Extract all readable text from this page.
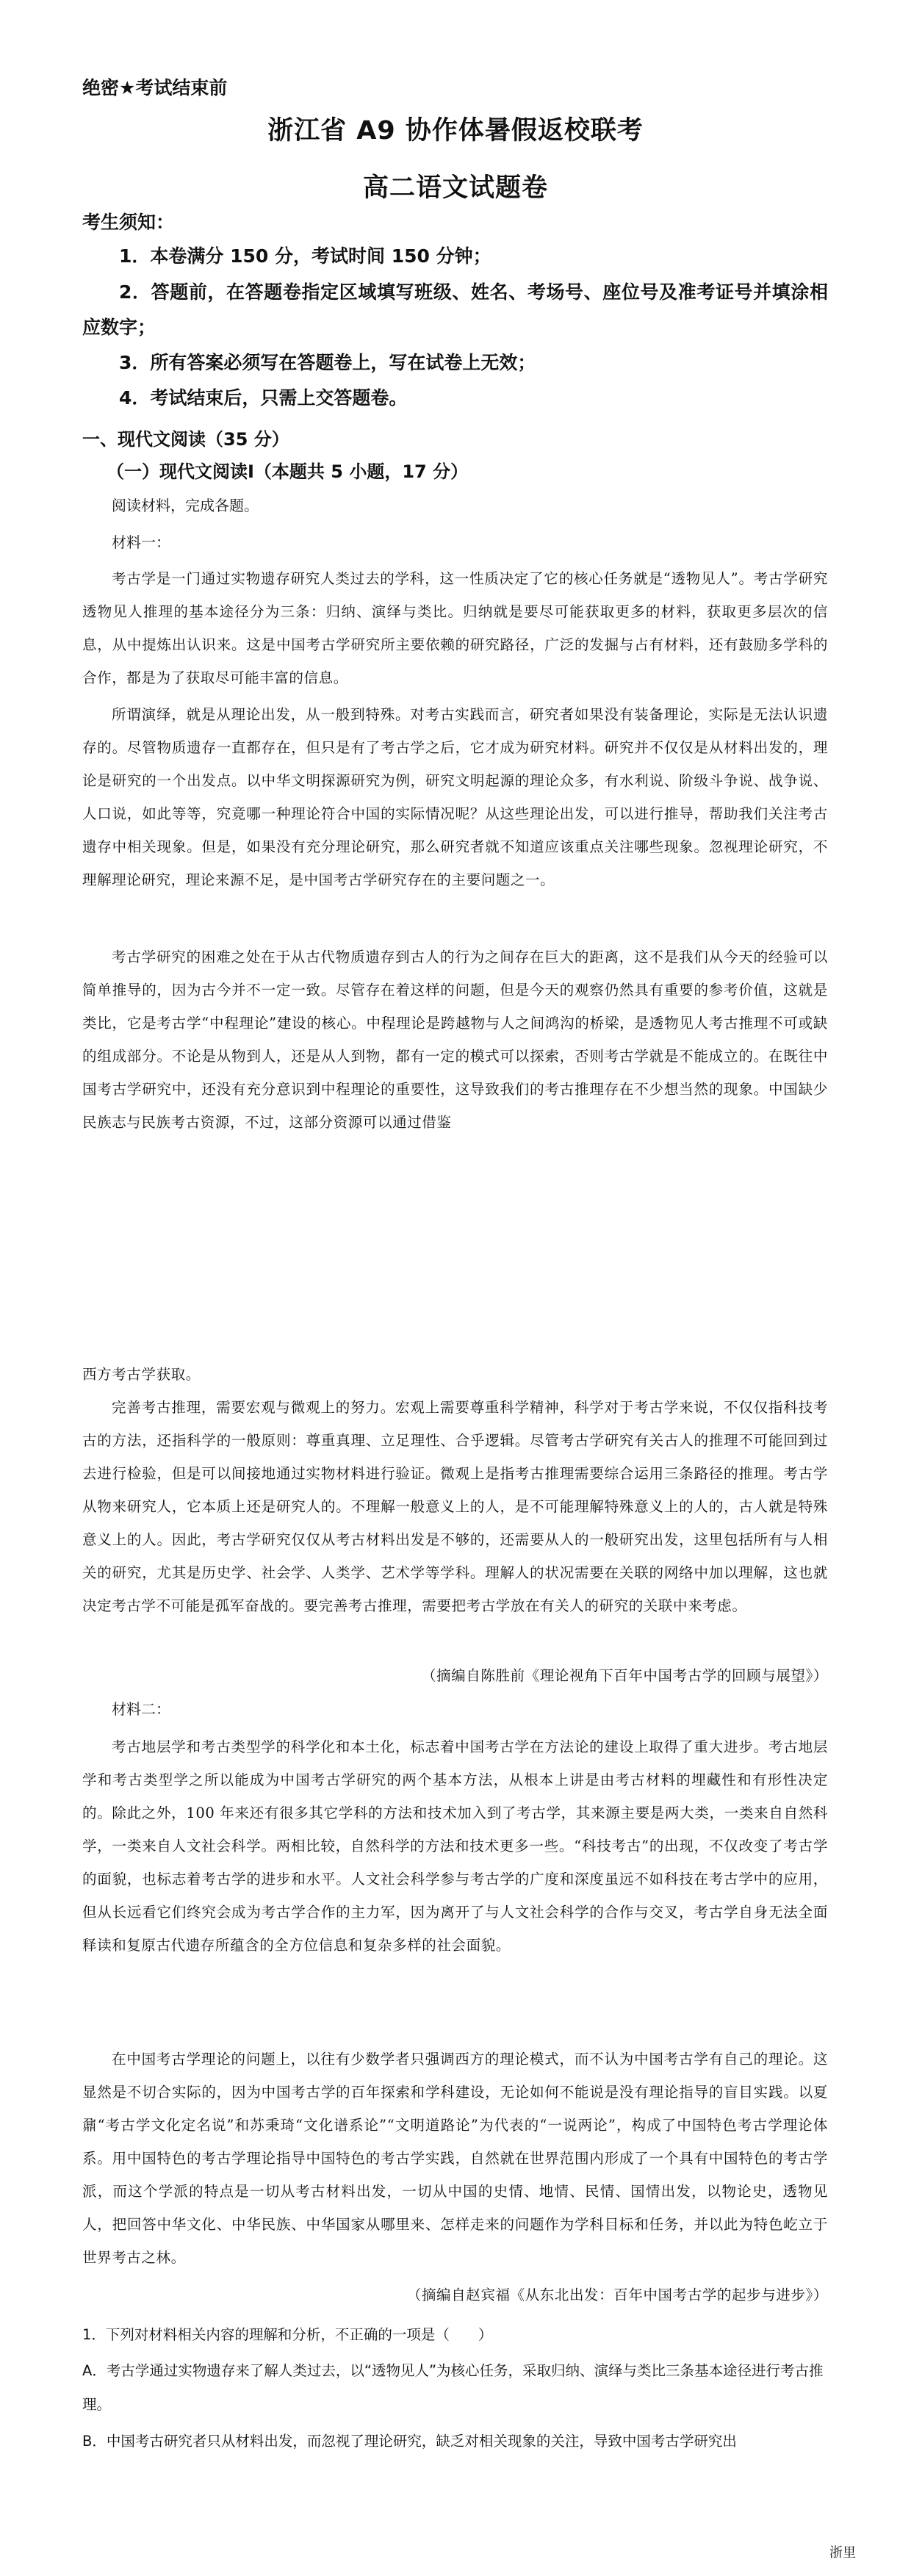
绝密★考试结束前
浙江省 A9 协作体暑假返校联考
高二语文试题卷
考生须知：
1．本卷满分 150 分，考试时间 150 分钟；
2．答题前，在答题卷指定区域填写班级、姓名、考场号、座位号及准考证号并填涂相应数字；
3．所有答案必须写在答题卷上，写在试卷上无效；
4．考试结束后，只需上交答题卷。
一、现代文阅读（35 分）
（一）现代文阅读Ⅰ（本题共 5 小题，17 分）
阅读材料，完成各题。
材料一：
考古学是一门通过实物遗存研究人类过去的学科，这一性质决定了它的核心任务就是“透物见人”。考古学研究透物见人推理的基本途径分为三条：归纳、演绎与类比。归纳就是要尽可能获取更多的材料，获取更多层次的信息，从中提炼出认识来。这是中国考古学研究所主要依赖的研究路径，广泛的发掘与占有材料，还有鼓励多学科的合作，都是为了获取尽可能丰富的信息。
所谓演绎，就是从理论出发，从一般到特殊。对考古实践而言，研究者如果没有装备理论，实际是无法认识遗存的。尽管物质遗存一直都存在，但只是有了考古学之后，它才成为研究材料。研究并不仅仅是从材料出发的，理论是研究的一个出发点。以中华文明探源研究为例，研究文明起源的理论众多，有水利说、阶级斗争说、战争说、人口说，如此等等，究竟哪一种理论符合中国的实际情况呢？从这些理论出发，可以进行推导，帮助我们关注考古遗存中相关现象。但是，如果没有充分理论研究，那么研究者就不知道应该重点关注哪些现象。忽视理论研究，不理解理论研究，理论来源不足，是中国考古学研究存在的主要问题之一。
考古学研究的困难之处在于从古代物质遗存到古人的行为之间存在巨大的距离，这不是我们从今天的经验可以简单推导的，因为古今并不一定一致。尽管存在着这样的问题，但是今天的观察仍然具有重要的参考价值，这就是类比，它是考古学“中程理论”建设的核心。中程理论是跨越物与人之间鸿沟的桥梁，是透物见人考古推理不可或缺的组成部分。不论是从物到人，还是从人到物，都有一定的模式可以探索，否则考古学就是不能成立的。在既往中国考古学研究中，还没有充分意识到中程理论的重要性，这导致我们的考古推理存在不少想当然的现象。中国缺少民族志与民族考古资源，不过，这部分资源可以通过借鉴
西方考古学获取。
完善考古推理，需要宏观与微观上的努力。宏观上需要尊重科学精神，科学对于考古学来说，不仅仅指科技考古的方法，还指科学的一般原则：尊重真理、立足理性、合乎逻辑。尽管考古学研究有关古人的推理不可能回到过去进行检验，但是可以间接地通过实物材料进行验证。微观上是指考古推理需要综合运用三条路径的推理。考古学从物来研究人，它本质上还是研究人的。不理解一般意义上的人，是不可能理解特殊意义上的人的，古人就是特殊意义上的人。因此，考古学研究仅仅从考古材料出发是不够的，还需要从人的一般研究出发，这里包括所有与人相关的研究，尤其是历史学、社会学、人类学、艺术学等学科。理解人的状况需要在关联的网络中加以理解，这也就决定考古学不可能是孤军奋战的。要完善考古推理，需要把考古学放在有关人的研究的关联中来考虑。
（摘编自陈胜前《理论视角下百年中国考古学的回顾与展望》）
材料二：
考古地层学和考古类型学的科学化和本土化，标志着中国考古学在方法论的建设上取得了重大进步。考古地层学和考古类型学之所以能成为中国考古学研究的两个基本方法，从根本上讲是由考古材料的埋藏性和有形性决定的。除此之外，100 年来还有很多其它学科的方法和技术加入到了考古学，其来源主要是两大类，一类来自自然科学，一类来自人文社会科学。两相比较，自然科学的方法和技术更多一些。“科技考古”的出现，不仅改变了考古学的面貌，也标志着考古学的进步和水平。人文社会科学参与考古学的广度和深度虽远不如科技在考古学中的应用，但从长远看它们终究会成为考古学合作的主力军，因为离开了与人文社会科学的合作与交叉，考古学自身无法全面释读和复原古代遗存所蕴含的全方位信息和复杂多样的社会面貌。
在中国考古学理论的问题上，以往有少数学者只强调西方的理论模式，而不认为中国考古学有自己的理论。这显然是不切合实际的，因为中国考古学的百年探索和学科建设，无论如何不能说是没有理论指导的盲目实践。以夏鼐“考古学文化定名说”和苏秉琦“文化谱系论”“文明道路论”为代表的“一说两论”，构成了中国特色考古学理论体系。用中国特色的考古学理论指导中国特色的考古学实践，自然就在世界范围内形成了一个具有中国特色的考古学派，而这个学派的特点是一切从考古材料出发，一切从中国的史情、地情、民情、国情出发，以物论史，透物见人，把回答中华文化、中华民族、中华国家从哪里来、怎样走来的问题作为学科目标和任务，并以此为特色屹立于世界考古之林。
（摘编自赵宾福《从东北出发：百年中国考古学的起步与进步》）
1．下列对材料相关内容的理解和分析，不正确的一项是（　　）
A．考古学通过实物遗存来了解人类过去，以“透物见人”为核心任务，采取归纳、演绎与类比三条基本途径进行考古推理。
B．中国考古研究者只从材料出发，而忽视了理论研究，缺乏对相关现象的关注，导致中国考古学研究出
浙里
